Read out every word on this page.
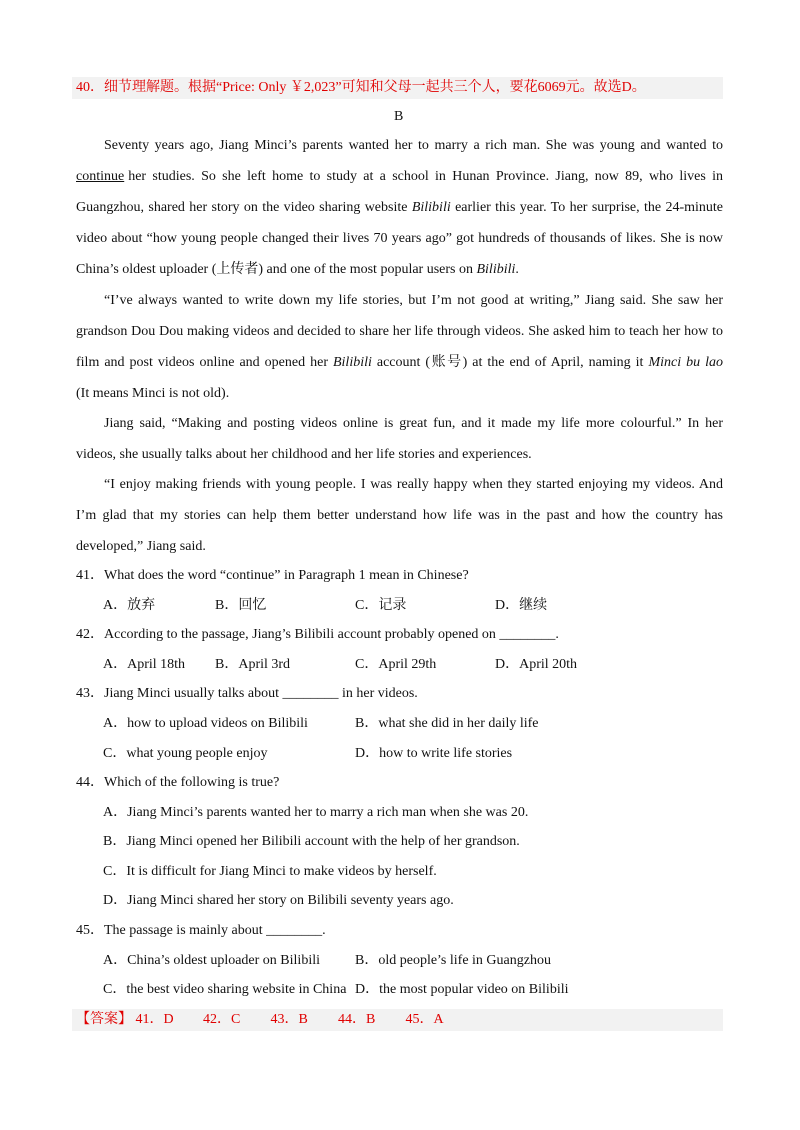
40．细节理解题。根据“Price: Only ￥2,023”可知和父母一起共三个人，要花6069元。故选D。
B
Seventy years ago, Jiang Minci’s parents wanted her to marry a rich man. She was young and wanted to
continue her studies. So she left home to study at a school in Hunan Province. Jiang, now 89, who lives in
Guangzhou, shared her story on the video sharing website Bilibili earlier this year. To her surprise, the 24-minute
video about “how young people changed their lives 70 years ago” got hundreds of thousands of likes. She is now
China’s oldest uploader (上传者) and one of the most popular users on Bilibili.
“I’ve always wanted to write down my life stories, but I’m not good at writing,” Jiang said. She saw her
grandson Dou Dou making videos and decided to share her life through videos. She asked him to teach her how to
film and post videos online and opened her Bilibili account (账号) at the end of April, naming it Minci bu lao
(It means Minci is not old).
Jiang said, “Making and posting videos online is great fun, and it made my life more colourful.” In her
videos, she usually talks about her childhood and her life stories and experiences.
“I enjoy making friends with young people. I was really happy when they started enjoying my videos. And
I’m glad that my stories can help them better understand how life was in the past and how the country has
developed,” Jiang said.
41．What does the word “continue” in Paragraph 1 mean in Chinese?
A．放弃	B．回忆	C．记录	D．继续
42．According to the passage, Jiang’s Bilibili account probably opened on ________.
A．April 18th B．April 3rd	C．April 29th	D．April 20th
43．Jiang Minci usually talks about ________ in her videos.
A．how to upload videos on Bilibili	B．what she did in her daily life
C．what young people enjoy	D．how to write life stories
44．Which of the following is true?
A．Jiang Minci’s parents wanted her to marry a rich man when she was 20.
B．Jiang Minci opened her Bilibili account with the help of her grandson.
C．It is difficult for Jiang Minci to make videos by herself.
D．Jiang Minci shared her story on Bilibili seventy years ago.
45．The passage is mainly about ________.
A．China’s oldest uploader on Bilibili	B．old people’s life in Guangzhou
C．the best video sharing website in China D．the most popular video on Bilibili
【答案】 41．D 42．C 43．B 44．B 45．A
